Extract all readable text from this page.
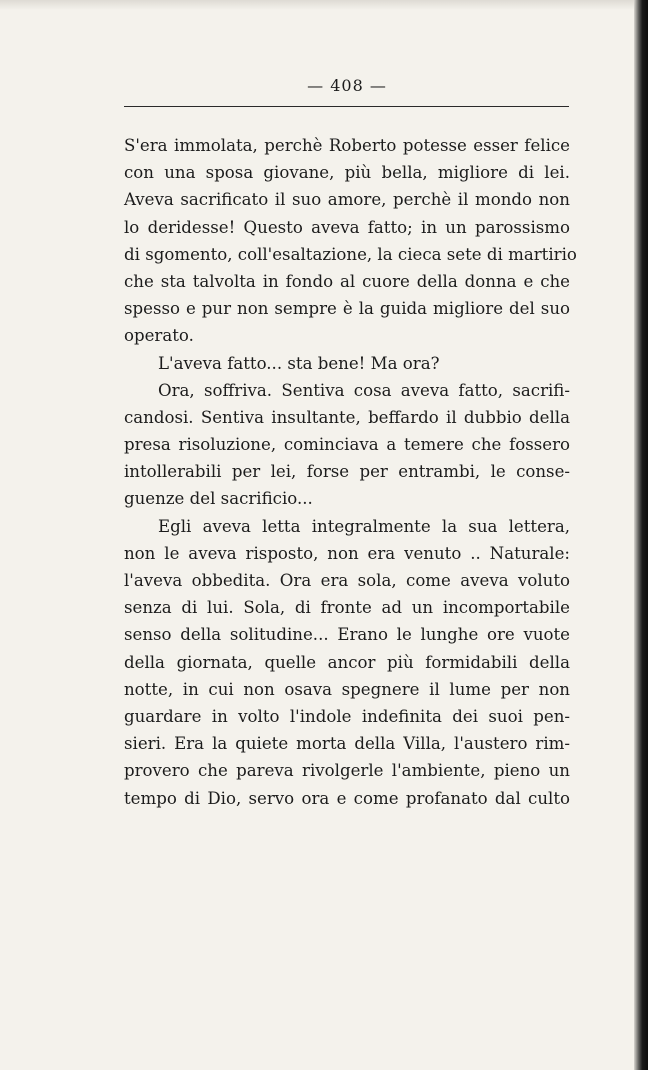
— 408 —
S'era immolata, perchè Roberto potesse esser felice
con una sposa giovane, più bella, migliore di lei.
Aveva sacrificato il suo amore, perchè il mondo non
lo deridesse! Questo aveva fatto; in un parossismo
di sgomento, coll'esaltazione, la cieca sete di martirio
che sta talvolta in fondo al cuore della donna e che
spesso e pur non sempre è la guida migliore del suo
operato.
L'aveva fatto... sta bene! Ma ora?
Ora, soffriva. Sentiva cosa aveva fatto, sacrifi-
candosi. Sentiva insultante, beffardo il dubbio della
presa risoluzione, cominciava a temere che fossero
intollerabili per lei, forse per entrambi, le conse-
guenze del sacrificio...
Egli aveva letta integralmente la sua lettera,
non le aveva risposto, non era venuto .. Naturale:
l'aveva obbedita. Ora era sola, come aveva voluto
senza di lui. Sola, di fronte ad un incomportabile
senso della solitudine... Erano le lunghe ore vuote
della giornata, quelle ancor più formidabili della
notte, in cui non osava spegnere il lume per non
guardare in volto l'indole indefinita dei suoi pen-
sieri. Era la quiete morta della Villa, l'austero rim-
provero che pareva rivolgerle l'ambiente, pieno un
tempo di Dio, servo ora e come profanato dal culto
